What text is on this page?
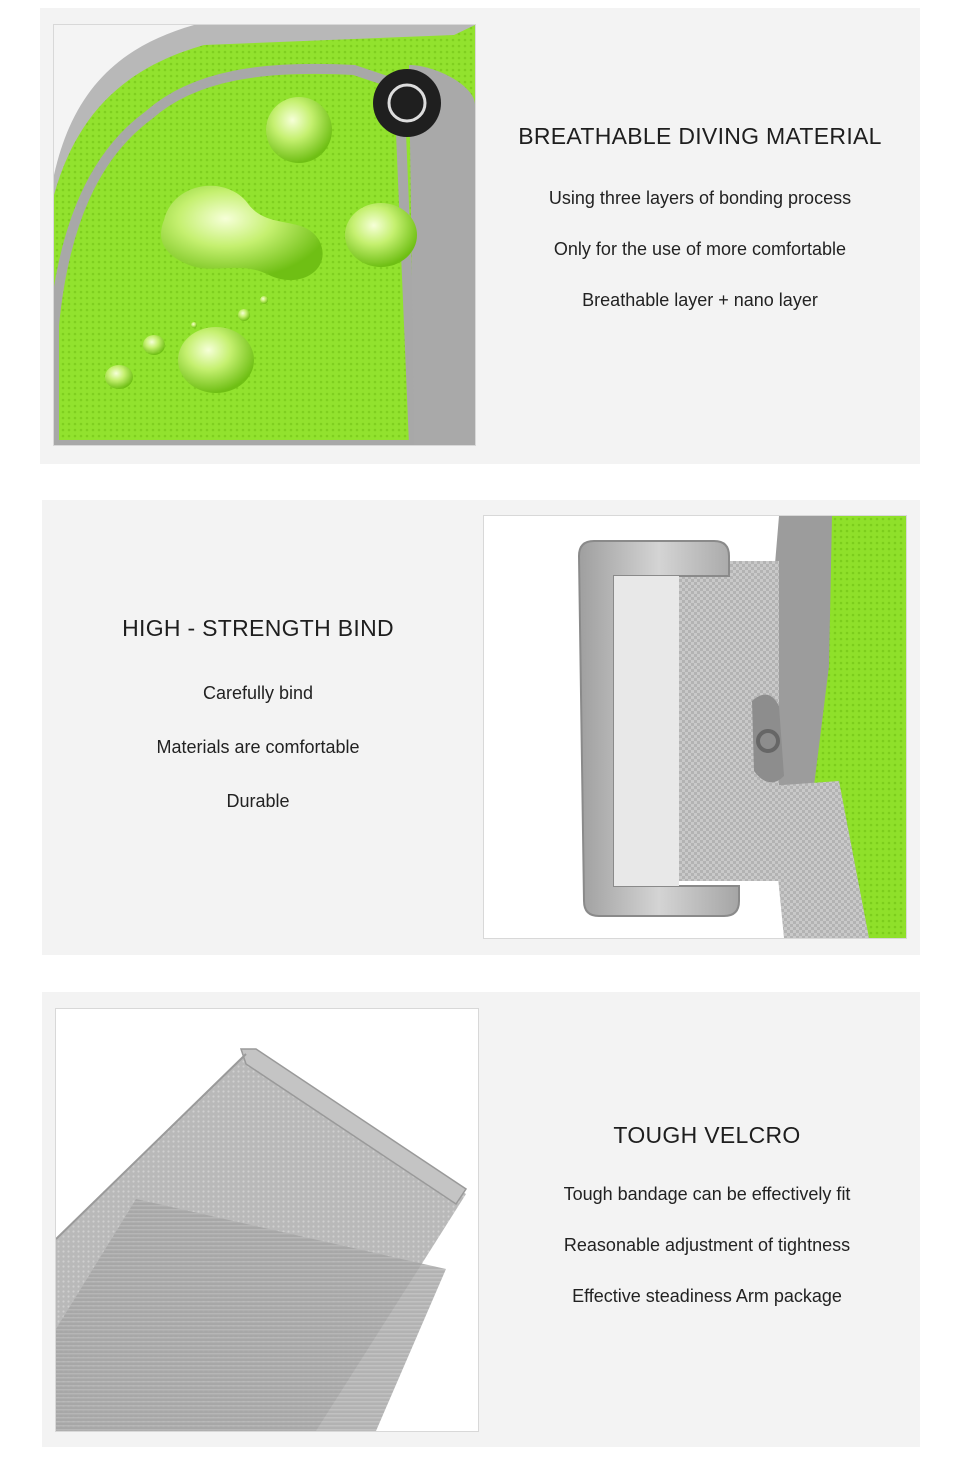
BREATHABLE DIVING MATERIAL

Using three layers of bonding process

Only for the use of more comfortable

Breathable layer + nano layer

HIGH - STRENGTH BIND

Carefully bind

Materials are comfortable

Durable

TOUGH VELCRO

Tough bandage can be effectively fit

Reasonable adjustment of tightness

Effective steadiness Arm package
